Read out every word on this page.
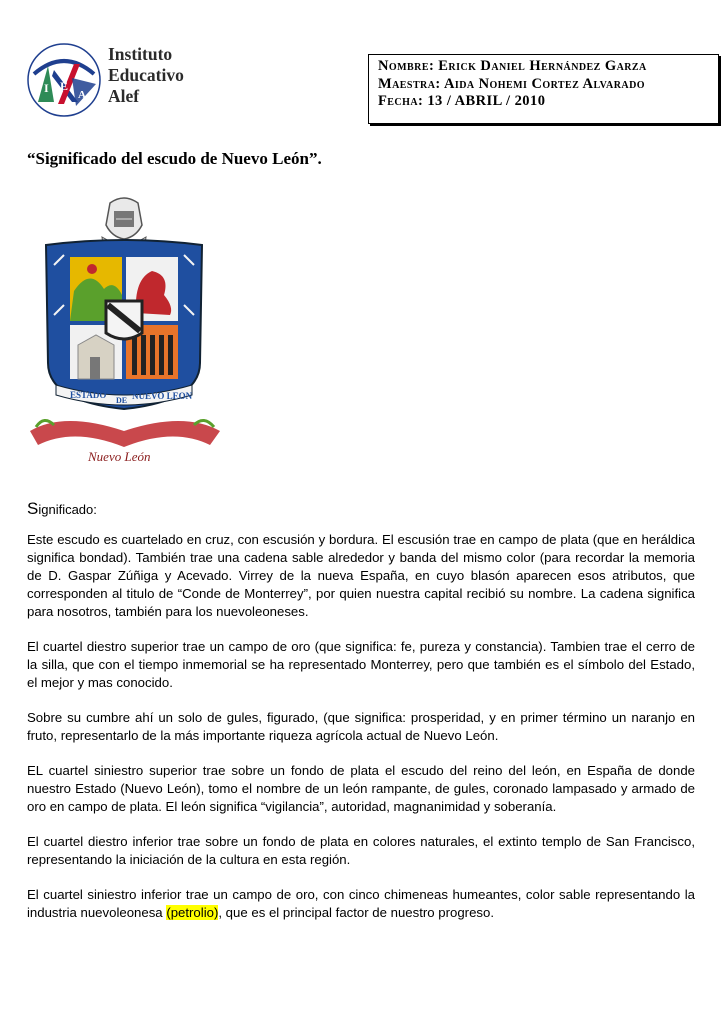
I E
A
Instituto
Educativo
Alef
Nombre: Erick Daniel Hernández Garza
Maestra: Aida Nohemi Cortez Alvarado
Fecha: 13 / ABRIL / 2010
“Significado del escudo de Nuevo León”.
ESTADO
DE NUEVO LEON
Nuevo León
Significado:

Este escudo es cuartelado en cruz, con escusión y bordura. El escusión trae en campo de plata (que en heráldica significa bondad). También trae una cadena sable alrededor y banda del mismo color (para recordar la memoria de D. Gaspar Zúñiga y Acevado. Virrey de la nueva España, en cuyo blasón aparecen esos atributos, que corresponden al titulo de “Conde de Monterrey”, por quien nuestra capital recibió su nombre. La cadena significa para nosotros, también para los nuevoleoneses.

El cuartel diestro superior trae un campo de oro (que significa: fe, pureza y constancia). Tambien trae el cerro de la silla, que con el tiempo inmemorial se ha representado Monterrey, pero que también es el símbolo del Estado, el mejor y mas conocido.

Sobre su cumbre ahí un solo de gules, figurado, (que significa: prosperidad, y en primer término un naranjo en fruto, representarlo de la más importante riqueza agrícola actual de Nuevo León.

EL cuartel siniestro superior trae sobre un fondo de plata el escudo del reino del león, en España de donde nuestro Estado (Nuevo León), tomo el nombre de un león rampante, de gules, coronado lampasado y armado de oro en campo de plata. El león significa “vigilancia”, autoridad, magnanimidad y soberanía.

El cuartel diestro inferior trae sobre un fondo de plata en colores naturales, el extinto templo de San Francisco, representando la iniciación de la cultura en esta región.

El cuartel siniestro inferior trae un campo de oro, con cinco chimeneas humeantes, color sable representando la industria nuevoleonesa (petrolio), que es el principal factor de nuestro progreso.
